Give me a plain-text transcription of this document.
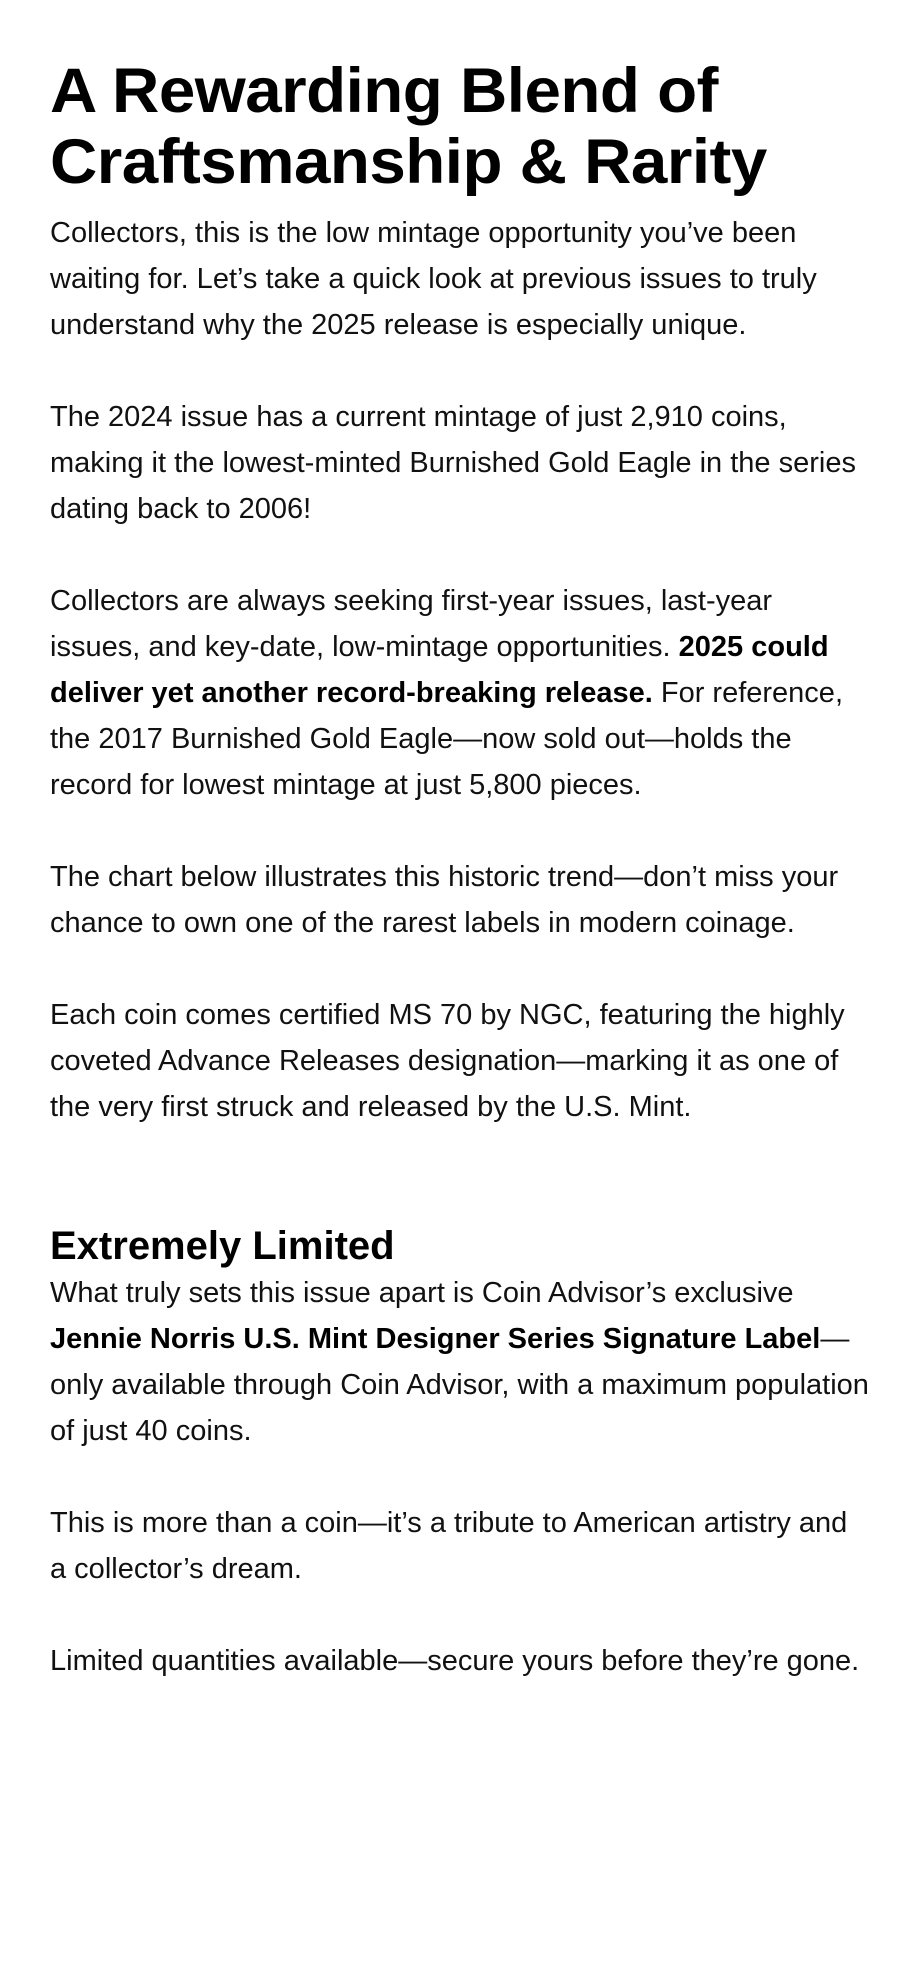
A Rewarding Blend of
Craftsmanship & Rarity

Collectors, this is the low mintage opportunity you’ve been waiting for. Let’s take a quick look at previous issues to truly understand why the 2025 release is especially unique.

The 2024 issue has a current mintage of just 2,910 coins, making it the lowest-minted Burnished Gold Eagle in the series dating back to 2006!

Collectors are always seeking first-year issues, last-year issues, and key-date, low-mintage opportunities. 2025 could deliver yet another record-breaking release. For reference, the 2017 Burnished Gold Eagle—now sold out—holds the record for lowest mintage at just 5,800 pieces.

The chart below illustrates this historic trend—don’t miss your chance to own one of the rarest labels in modern coinage.

Each coin comes certified MS 70 by NGC, featuring the highly coveted Advance Releases designation—marking it as one of the very first struck and released by the U.S. Mint.

Extremely Limited

What truly sets this issue apart is Coin Advisor’s exclusive Jennie Norris U.S. Mint Designer Series Signature Label—only available through Coin Advisor, with a maximum population of just 40 coins.

This is more than a coin—it’s a tribute to American artistry and a collector’s dream.

Limited quantities available—secure yours before they’re gone.
